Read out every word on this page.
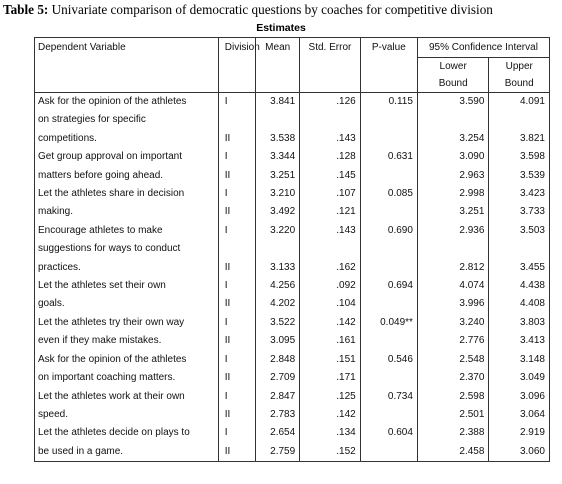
Table 5: Univariate comparison of democratic questions by coaches for competitive division
Estimates
Dependent Variable	Division	Mean	Std. Error	P-value	95% Confidence Interval	
					Lower	Upper
					Bound	Bound
Ask for the opinion of the athletes	I	3.841	.126	0.115	3.590	4.091
on strategies for specific						
competitions.	II	3.538	.143		3.254	3.821
Get group approval on important	I	3.344	.128	0.631	3.090	3.598
matters before going ahead.	II	3.251	.145		2.963	3.539
Let the athletes share in decision	I	3.210	.107	0.085	2.998	3.423
making.	II	3.492	.121		3.251	3.733
Encourage athletes to make	I	3.220	.143	0.690	2.936	3.503
suggestions for ways to conduct						
practices.	II	3.133	.162		2.812	3.455
Let the athletes set their own	I	4.256	.092	0.694	4.074	4.438
goals.	II	4.202	.104		3.996	4.408
Let the athletes try their own way	I	3.522	.142	0.049**	3.240	3.803
even if they make mistakes.	II	3.095	.161		2.776	3.413
Ask for the opinion of the athletes	I	2.848	.151	0.546	2.548	3.148
on important coaching matters.	II	2.709	.171		2.370	3.049
Let the athletes work at their own	I	2.847	.125	0.734	2.598	3.096
speed.	II	2.783	.142		2.501	3.064
Let the athletes decide on plays to	I	2.654	.134	0.604	2.388	2.919
be used in a game.	II	2.759	.152		2.458	3.060
